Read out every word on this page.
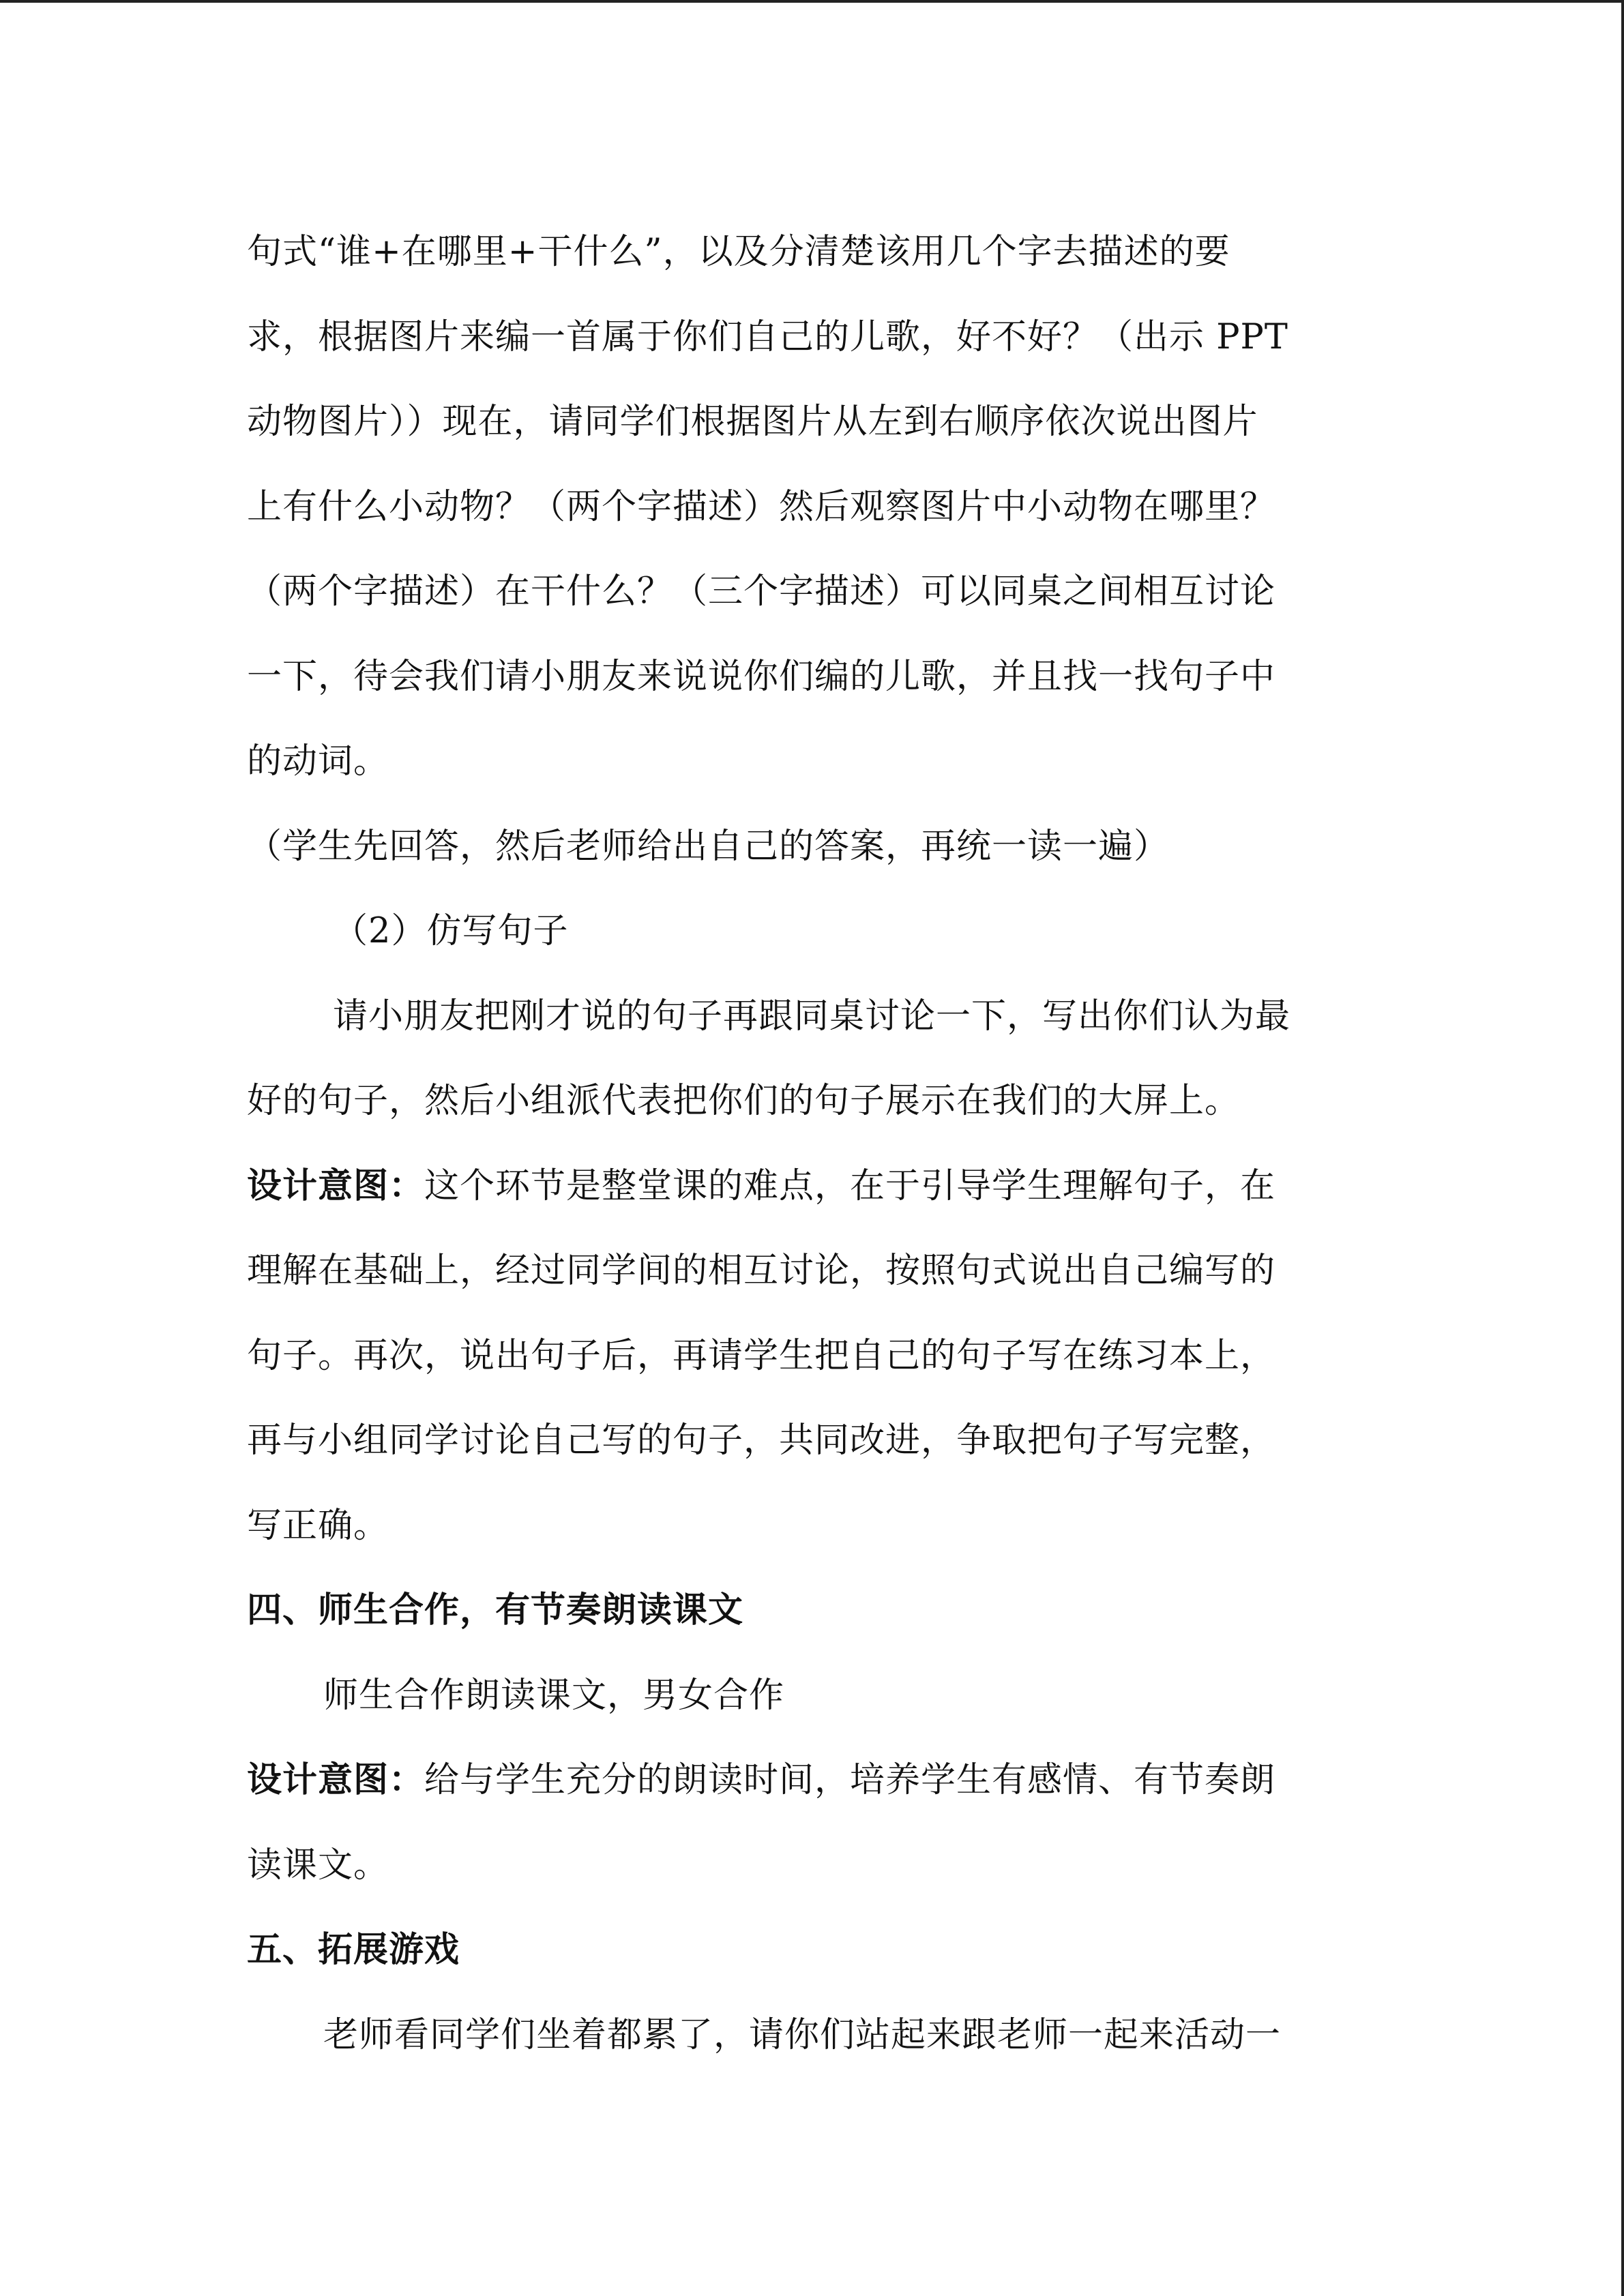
句式“谁+在哪里+干什么”，以及分清楚该用几个字去描述的要
求，根据图片来编一首属于你们自己的儿歌，好不好？（出示 PPT
动物图片））现在，请同学们根据图片从左到右顺序依次说出图片
上有什么小动物？（两个字描述）然后观察图片中小动物在哪里？
（两个字描述）在干什么？（三个字描述）可以同桌之间相互讨论
一下，待会我们请小朋友来说说你们编的儿歌，并且找一找句子中
的动词。
（学生先回答，然后老师给出自己的答案，再统一读一遍）
（2）仿写句子
请小朋友把刚才说的句子再跟同桌讨论一下，写出你们认为最
好的句子，然后小组派代表把你们的句子展示在我们的大屏上。
设计意图：这个环节是整堂课的难点，在于引导学生理解句子，在
理解在基础上，经过同学间的相互讨论，按照句式说出自己编写的
句子。再次，说出句子后，再请学生把自己的句子写在练习本上，
再与小组同学讨论自己写的句子，共同改进，争取把句子写完整，
写正确。
四、师生合作，有节奏朗读课文
师生合作朗读课文，男女合作
设计意图：给与学生充分的朗读时间，培养学生有感情、有节奏朗
读课文。
五、拓展游戏
老师看同学们坐着都累了，请你们站起来跟老师一起来活动一
